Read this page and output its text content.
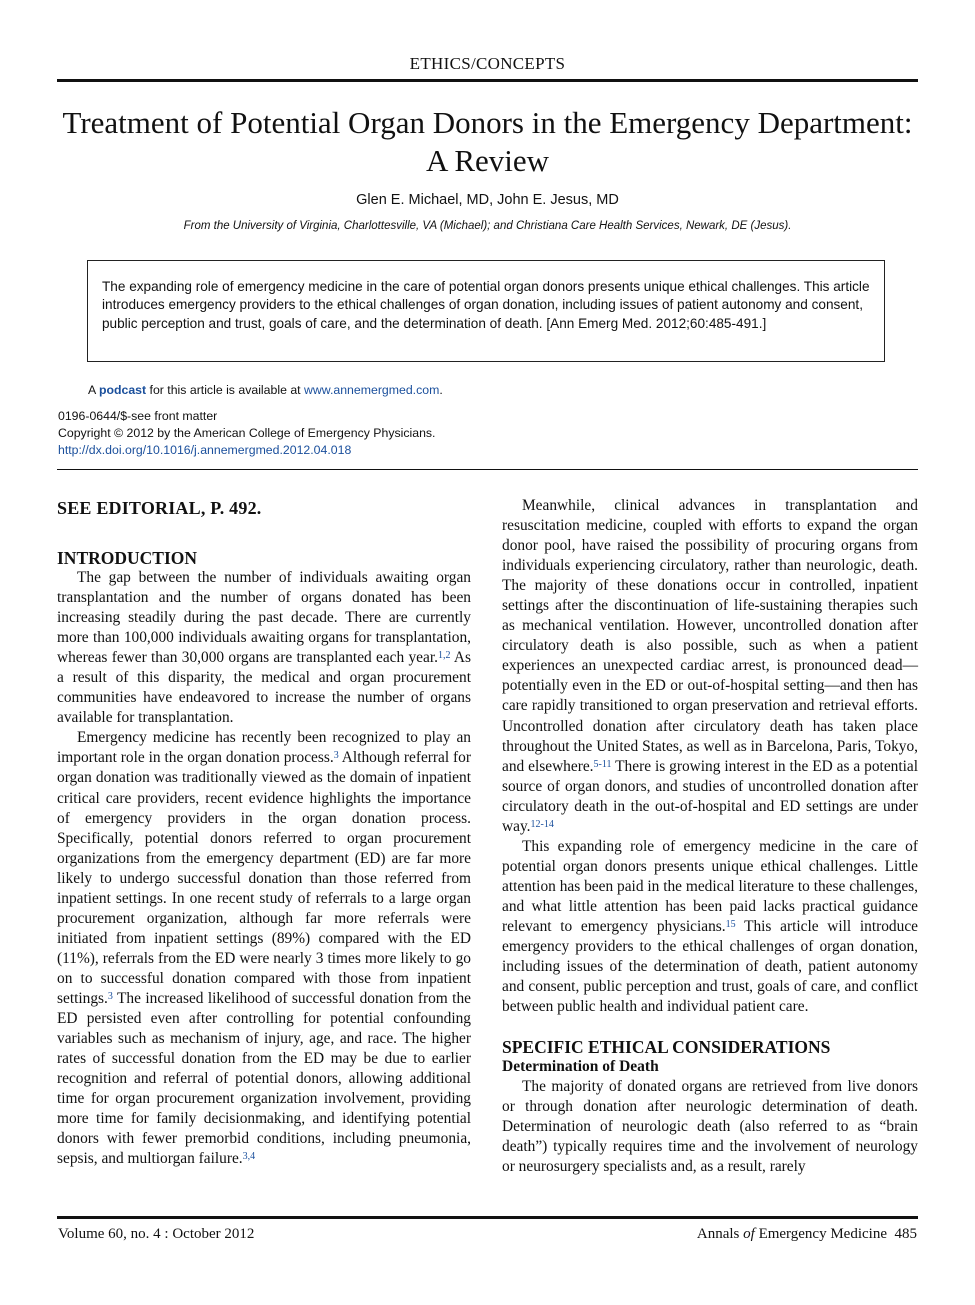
ETHICS/CONCEPTS
Treatment of Potential Organ Donors in the Emergency Department: A Review
Glen E. Michael, MD, John E. Jesus, MD
From the University of Virginia, Charlottesville, VA (Michael); and Christiana Care Health Services, Newark, DE (Jesus).
The expanding role of emergency medicine in the care of potential organ donors presents unique ethical challenges. This article introduces emergency providers to the ethical challenges of organ donation, including issues of patient autonomy and consent, public perception and trust, goals of care, and the determination of death. [Ann Emerg Med. 2012;60:485-491.]
A podcast for this article is available at www.annemergmed.com.
0196-0644/$-see front matter
Copyright © 2012 by the American College of Emergency Physicians.
http://dx.doi.org/10.1016/j.annemergmed.2012.04.018
SEE EDITORIAL, P. 492.
INTRODUCTION

The gap between the number of individuals awaiting organ transplantation and the number of organs donated has been increasing steadily during the past decade. There are currently more than 100,000 individuals awaiting organs for transplantation, whereas fewer than 30,000 organs are transplanted each year.$^{1,2}$ As a result of this disparity, the medical and organ procurement communities have endeavored to increase the number of organs available for transplantation.

Emergency medicine has recently been recognized to play an important role in the organ donation process.$^3$ Although referral for organ donation was traditionally viewed as the domain of inpatient critical care providers, recent evidence highlights the importance of emergency providers in the organ donation process. Specifically, potential donors referred to organ procurement organizations from the emergency department (ED) are far more likely to undergo successful donation than those referred from inpatient settings. In one recent study of referrals to a large organ procurement organization, although far more referrals were initiated from inpatient settings (89%) compared with the ED (11%), referrals from the ED were nearly 3 times more likely to go on to successful donation compared with those from inpatient settings.$^3$ The increased likelihood of successful donation from the ED persisted even after controlling for potential confounding variables such as mechanism of injury, age, and race. The higher rates of successful donation from the ED may be due to earlier recognition and referral of potential donors, allowing additional time for organ procurement organization involvement, providing more time for family decisionmaking, and identifying potential donors with fewer premorbid conditions, including pneumonia, sepsis, and multiorgan failure.$^{3,4}$

Meanwhile, clinical advances in transplantation and resuscitation medicine, coupled with efforts to expand the organ donor pool, have raised the possibility of procuring organs from individuals experiencing circulatory, rather than neurologic, death. The majority of these donations occur in controlled, inpatient settings after the discontinuation of life-sustaining therapies such as mechanical ventilation. However, uncontrolled donation after circulatory death is also possible, such as when a patient experiences an unexpected cardiac arrest, is pronounced dead—potentially even in the ED or out-of-hospital setting—and then has care rapidly transitioned to organ preservation and retrieval efforts. Uncontrolled donation after circulatory death has taken place throughout the United States, as well as in Barcelona, Paris, Tokyo, and elsewhere.$^{5-11}$ There is growing interest in the ED as a potential source of organ donors, and studies of uncontrolled donation after circulatory death in the out-of-hospital and ED settings are under way.$^{12-14}$

This expanding role of emergency medicine in the care of potential organ donors presents unique ethical challenges. Little attention has been paid in the medical literature to these challenges, and what little attention has been paid lacks practical guidance relevant to emergency physicians.$^{15}$ This article will introduce emergency providers to the ethical challenges of organ donation, including issues of the determination of death, patient autonomy and consent, public perception and trust, goals of care, and conflict between public health and individual patient care.

SPECIFIC ETHICAL CONSIDERATIONS
Determination of Death

The majority of donated organs are retrieved from live donors or through donation after neurologic determination of death. Determination of neurologic death (also referred to as “brain death”) typically requires time and the involvement of neurology or neurosurgery specialists and, as a result, rarely

Volume 60, no. 4 : October 2012	Annals of Emergency Medicine 485
